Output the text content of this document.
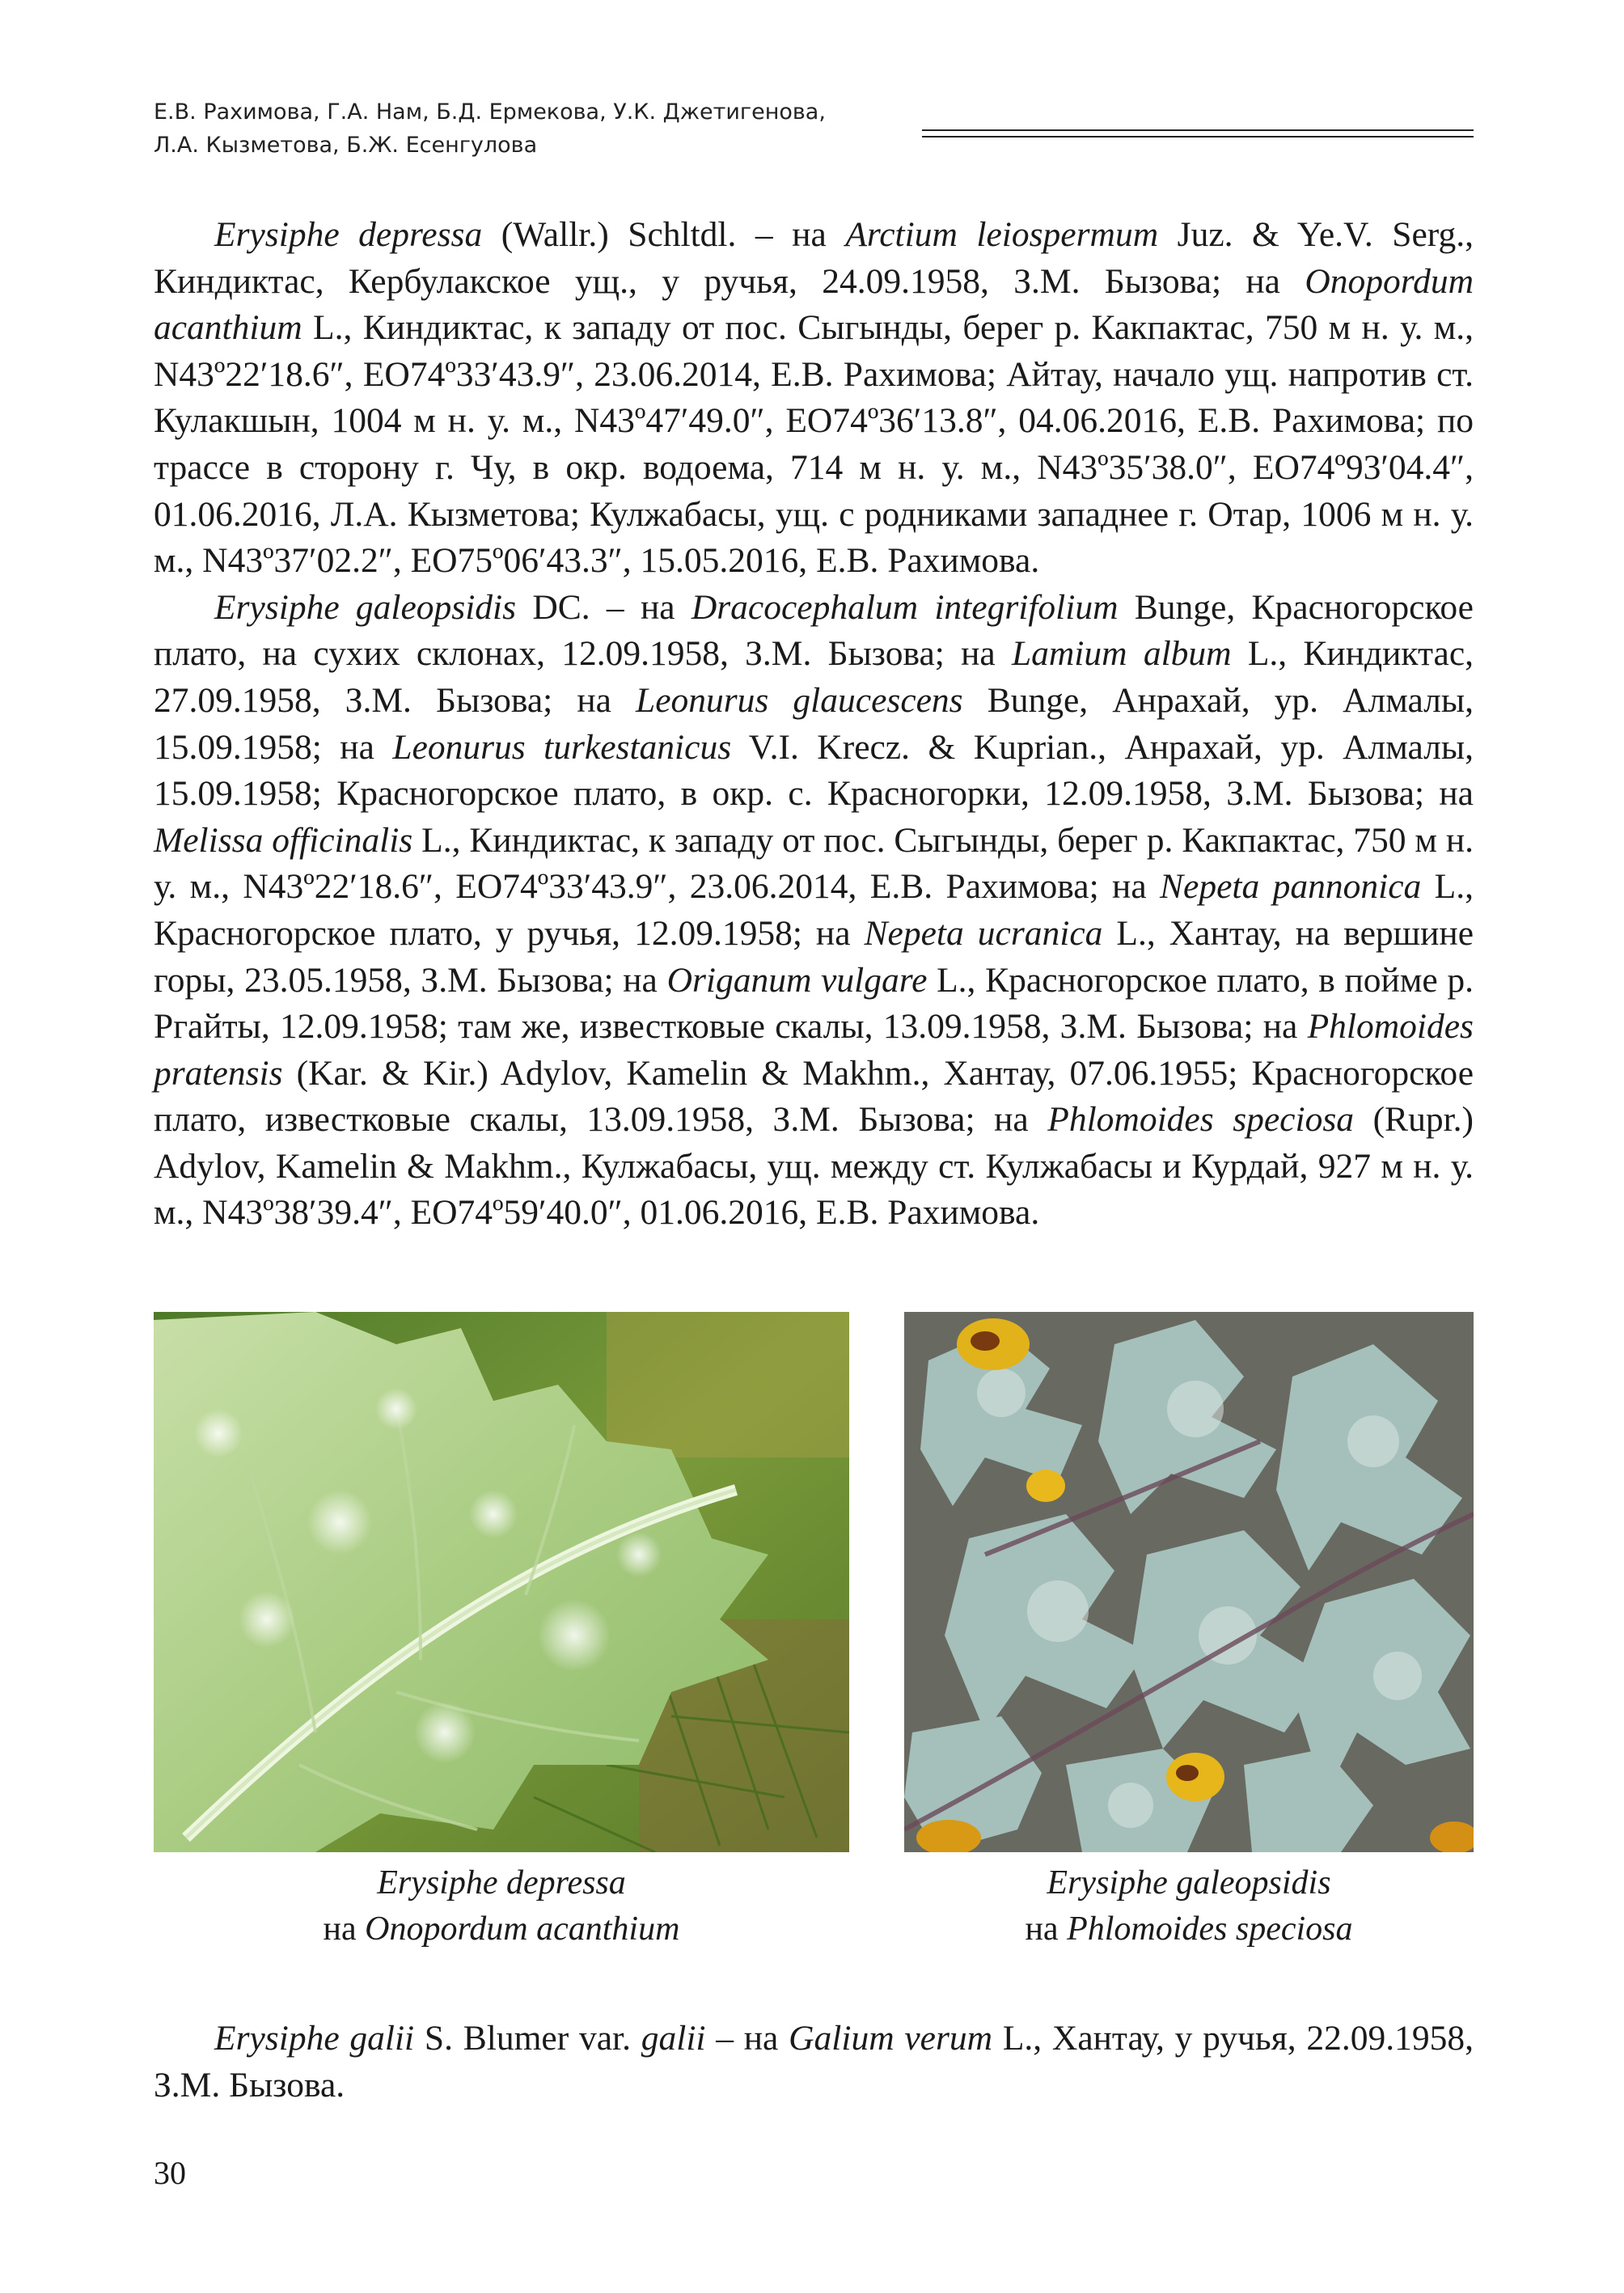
Е.В. Рахимова, Г.А. Нам, Б.Д. Ермекова, У.К. Джетигенова,
Л.А. Кызметова, Б.Ж. Есенгулова

Erysiphe depressa (Wallr.) Schltdl. – на Arctium leiospermum Juz. & Ye.V. Serg., Киндиктас, Кербулакское ущ., у ручья, 24.09.1958, З.М. Бызова; на Onopordum acanthium L., Киндиктас, к западу от пос. Сыгынды, берег р. Какпактас, 750 м н. у. м., N43º22′18.6″, EO74º33′43.9″, 23.06.2014, Е.В. Рахимова; Айтау, начало ущ. напротив ст. Кулакшын, 1004 м н. у. м., N43º47′49.0″, EO74º36′13.8″, 04.06.2016, Е.В. Рахимова; по трассе в сторону г. Чу, в окр. водоема, 714 м н. у. м., N43º35′38.0″, EO74º93′04.4″, 01.06.2016, Л.А. Кызметова; Кулжабасы, ущ. с родниками западнее г. Отар, 1006 м н. у. м., N43º37′02.2″, EO75º06′43.3″, 15.05.2016, Е.В. Рахимова.

Erysiphe galeopsidis DC. – на Dracocephalum integrifolium Bunge, Красногорское плато, на сухих склонах, 12.09.1958, З.М. Бызова; на Lamium album L., Киндиктас, 27.09.1958, З.М. Бызова; на Leonurus glaucescens Bunge, Анрахай, ур. Алмалы, 15.09.1958; на Leonurus turkestanicus V.I. Krecz. & Kuprian., Анрахай, ур. Алмалы, 15.09.1958; Красногорское плато, в окр. с. Красногорки, 12.09.1958, З.М. Бызова; на Melissa officinalis L., Киндиктас, к западу от пос. Сыгынды, берег р. Какпактас, 750 м н. у. м., N43º22′18.6″, EO74º33′43.9″, 23.06.2014, Е.В. Рахимова; на Nepeta pannonica L., Красногорское плато, у ручья, 12.09.1958; на Nepeta ucranica L., Хантау, на вершине горы, 23.05.1958, З.М. Бызова; на Origanum vulgare L., Красногорское плато, в пойме р. Ргайты, 12.09.1958; там же, известковые скалы, 13.09.1958, З.М. Бызова; на Phlomoides pratensis (Kar. & Kir.) Adylov, Kamelin & Makhm., Хантау, 07.06.1955; Красногорское плато, известковые скалы, 13.09.1958, З.М. Бызова; на Phlomoides speciosa (Rupr.) Adylov, Kamelin & Makhm., Кулжабасы, ущ. между ст. Кулжабасы и Курдай, 927 м н. у. м., N43º38′39.4″, EO74º59′40.0″, 01.06.2016, Е.В. Рахимова.

Erysiphe depressa
на Onopordum acanthium
Erysiphe galeopsidis
на Phlomoides speciosa

Erysiphe galii S. Blumer var. galii – на Galium verum L., Хантау, у ручья, 22.09.1958, З.М. Бызова.

30
